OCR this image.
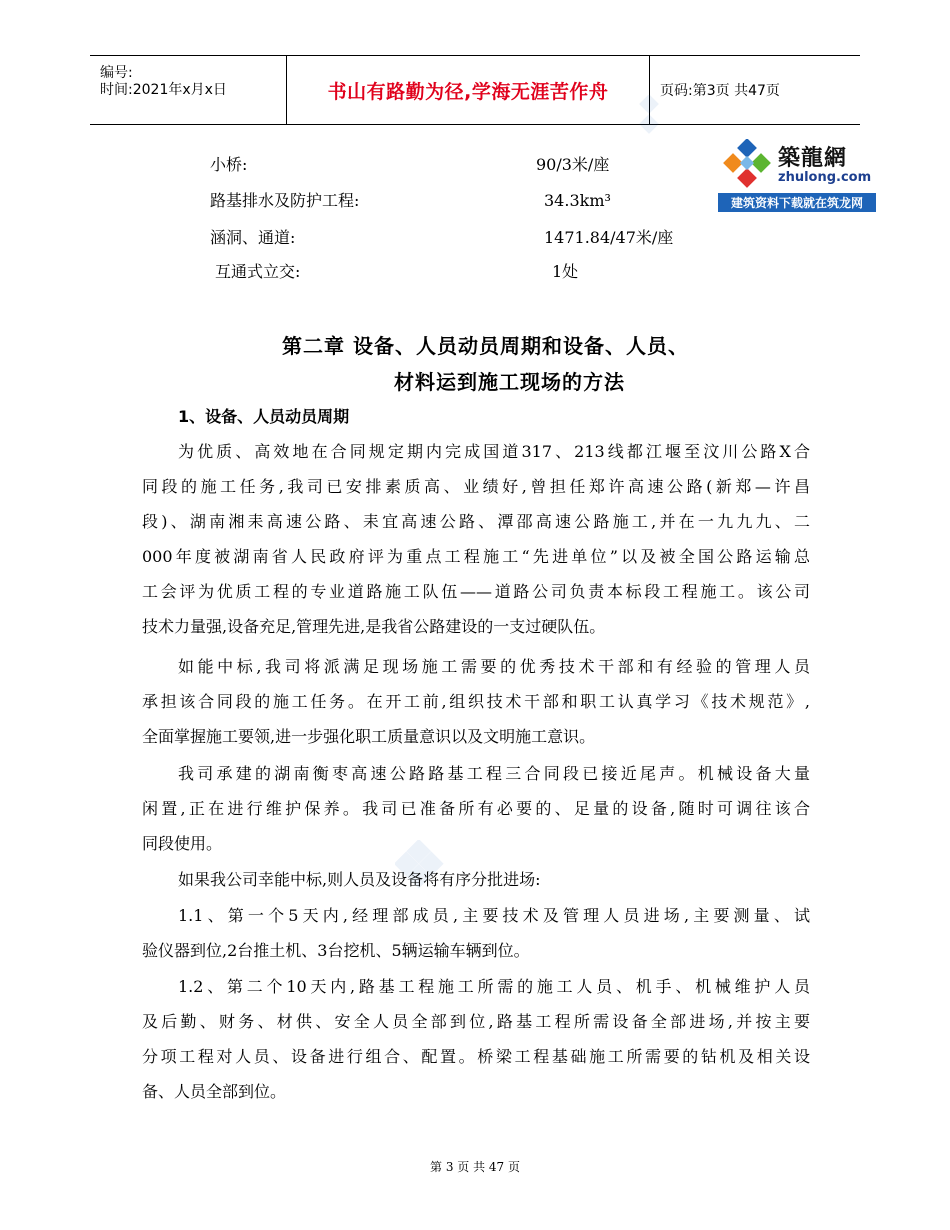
编号:
时间:2021年x月x日	书山有路勤为径,学海无涯苦作舟	页码:第3页 共47页
築龍網
zhulong.com
建筑资料下载就在筑龙网
小桥:	90/3米/座
路基排水及防护工程:	34.3km³
涵洞、通道:	1471.84/47米/座
互通式立交:	1处
第二章 设备、人员动员周期和设备、人员、
材料运到施工现场的方法
1、设备、人员动员周期
为优质、高效地在合同规定期内完成国道317、213线都江堰至汶川公路X合
同段的施工任务,我司已安排素质高、业绩好,曾担任郑许高速公路(新郑—许昌
段)、湖南湘耒高速公路、耒宜高速公路、潭邵高速公路施工,并在一九九九、二
000年度被湖南省人民政府评为重点工程施工“先进单位”以及被全国公路运输总
工会评为优质工程的专业道路施工队伍——道路公司负责本标段工程施工。该公司
技术力量强,设备充足,管理先进,是我省公路建设的一支过硬队伍。
如能中标,我司将派满足现场施工需要的优秀技术干部和有经验的管理人员
承担该合同段的施工任务。在开工前,组织技术干部和职工认真学习《技术规范》,
全面掌握施工要领,进一步强化职工质量意识以及文明施工意识。
我司承建的湖南衡枣高速公路路基工程三合同段已接近尾声。机械设备大量
闲置,正在进行维护保养。我司已准备所有必要的、足量的设备,随时可调往该合
同段使用。
如果我公司幸能中标,则人员及设备将有序分批进场:
1.1、第一个5天内,经理部成员,主要技术及管理人员进场,主要测量、试
验仪器到位,2台推土机、3台挖机、5辆运输车辆到位。
1.2、第二个10天内,路基工程施工所需的施工人员、机手、机械维护人员
及后勤、财务、材供、安全人员全部到位,路基工程所需设备全部进场,并按主要
分项工程对人员、设备进行组合、配置。桥梁工程基础施工所需要的钻机及相关设
备、人员全部到位。
第 3 页 共 47 页
